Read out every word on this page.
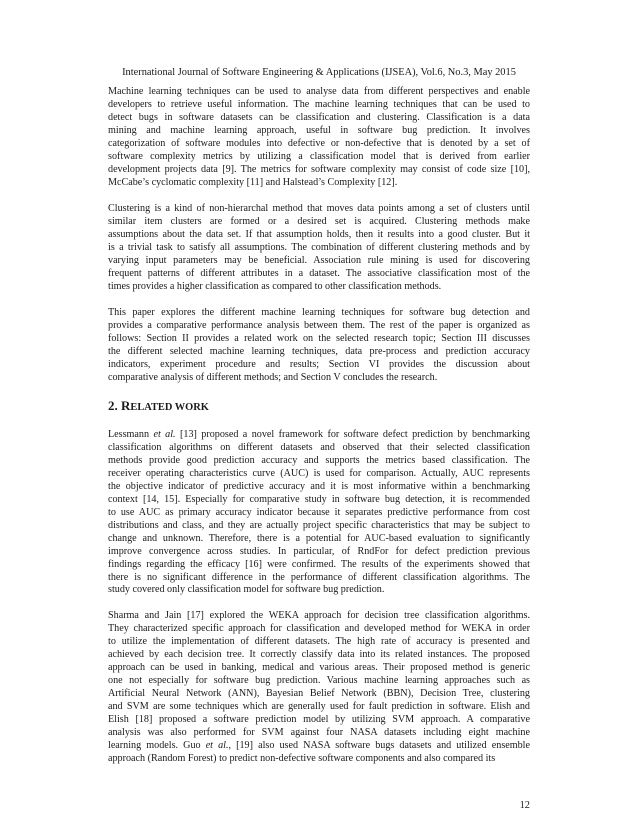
International Journal of Software Engineering & Applications (IJSEA), Vol.6, No.3, May 2015

Machine learning techniques can be used to analyse data from different perspectives and enable
developers to retrieve useful information. The machine learning techniques that can be used to
detect bugs in software datasets can be classification and clustering. Classification is a data
mining and machine learning approach, useful in software bug prediction. It involves
categorization of software modules into defective or non-defective that is denoted by a set of
software complexity metrics by utilizing a classification model that is derived from earlier
development projects data [9]. The metrics for software complexity may consist of code size [10],
McCabe’s cyclomatic complexity [11] and Halstead’s Complexity [12].

Clustering is a kind of non-hierarchal method that moves data points among a set of clusters until
similar item clusters are formed or a desired set is acquired. Clustering methods make
assumptions about the data set. If that assumption holds, then it results into a good cluster. But it
is a trivial task to satisfy all assumptions. The combination of different clustering methods and by
varying input parameters may be beneficial. Association rule mining is used for discovering
frequent patterns of different attributes in a dataset. The associative classification most of the
times provides a higher classification as compared to other classification methods.

This paper explores the different machine learning techniques for software bug detection and
provides a comparative performance analysis between them. The rest of the paper is organized as
follows: Section II provides a related work on the selected research topic; Section III discusses
the different selected machine learning techniques, data pre-process and prediction accuracy
indicators, experiment procedure and results; Section VI provides the discussion about
comparative analysis of different methods; and Section V concludes the research.

2. RELATED WORK

Lessmann et al. [13] proposed a novel framework for software defect prediction by benchmarking
classification algorithms on different datasets and observed that their selected classification
methods provide good prediction accuracy and supports the metrics based classification. The
receiver operating characteristics curve (AUC) is used for comparison. Actually, AUC represents
the objective indicator of predictive accuracy and it is most informative within a benchmarking
context [14, 15]. Especially for comparative study in software bug detection, it is recommended
to use AUC as primary accuracy indicator because it separates predictive performance from cost
distributions and class, and they are actually project specific characteristics that may be subject to
change and unknown. Therefore, there is a potential for AUC-based evaluation to significantly
improve convergence across studies. In particular, of RndFor for defect prediction previous
findings regarding the efficacy [16] were confirmed. The results of the experiments showed that
there is no significant difference in the performance of different classification algorithms. The
study covered only classification model for software bug prediction.

Sharma and Jain [17] explored the WEKA approach for decision tree classification algorithms.
They characterized specific approach for classification and developed method for WEKA in order
to utilize the implementation of different datasets. The high rate of accuracy is presented and
achieved by each decision tree. It correctly classify data into its related instances. The proposed
approach can be used in banking, medical and various areas. Their proposed method is generic
one not especially for software bug prediction. Various machine learning approaches such as
Artificial Neural Network (ANN), Bayesian Belief Network (BBN), Decision Tree, clustering
and SVM are some techniques which are generally used for fault prediction in software. Elish and
Elish [18] proposed a software prediction model by utilizing SVM approach. A comparative
analysis was also performed for SVM against four NASA datasets including eight machine
learning models. Guo et al., [19] also used NASA software bugs datasets and utilized ensemble
approach (Random Forest) to predict non-defective software components and also compared its

12
